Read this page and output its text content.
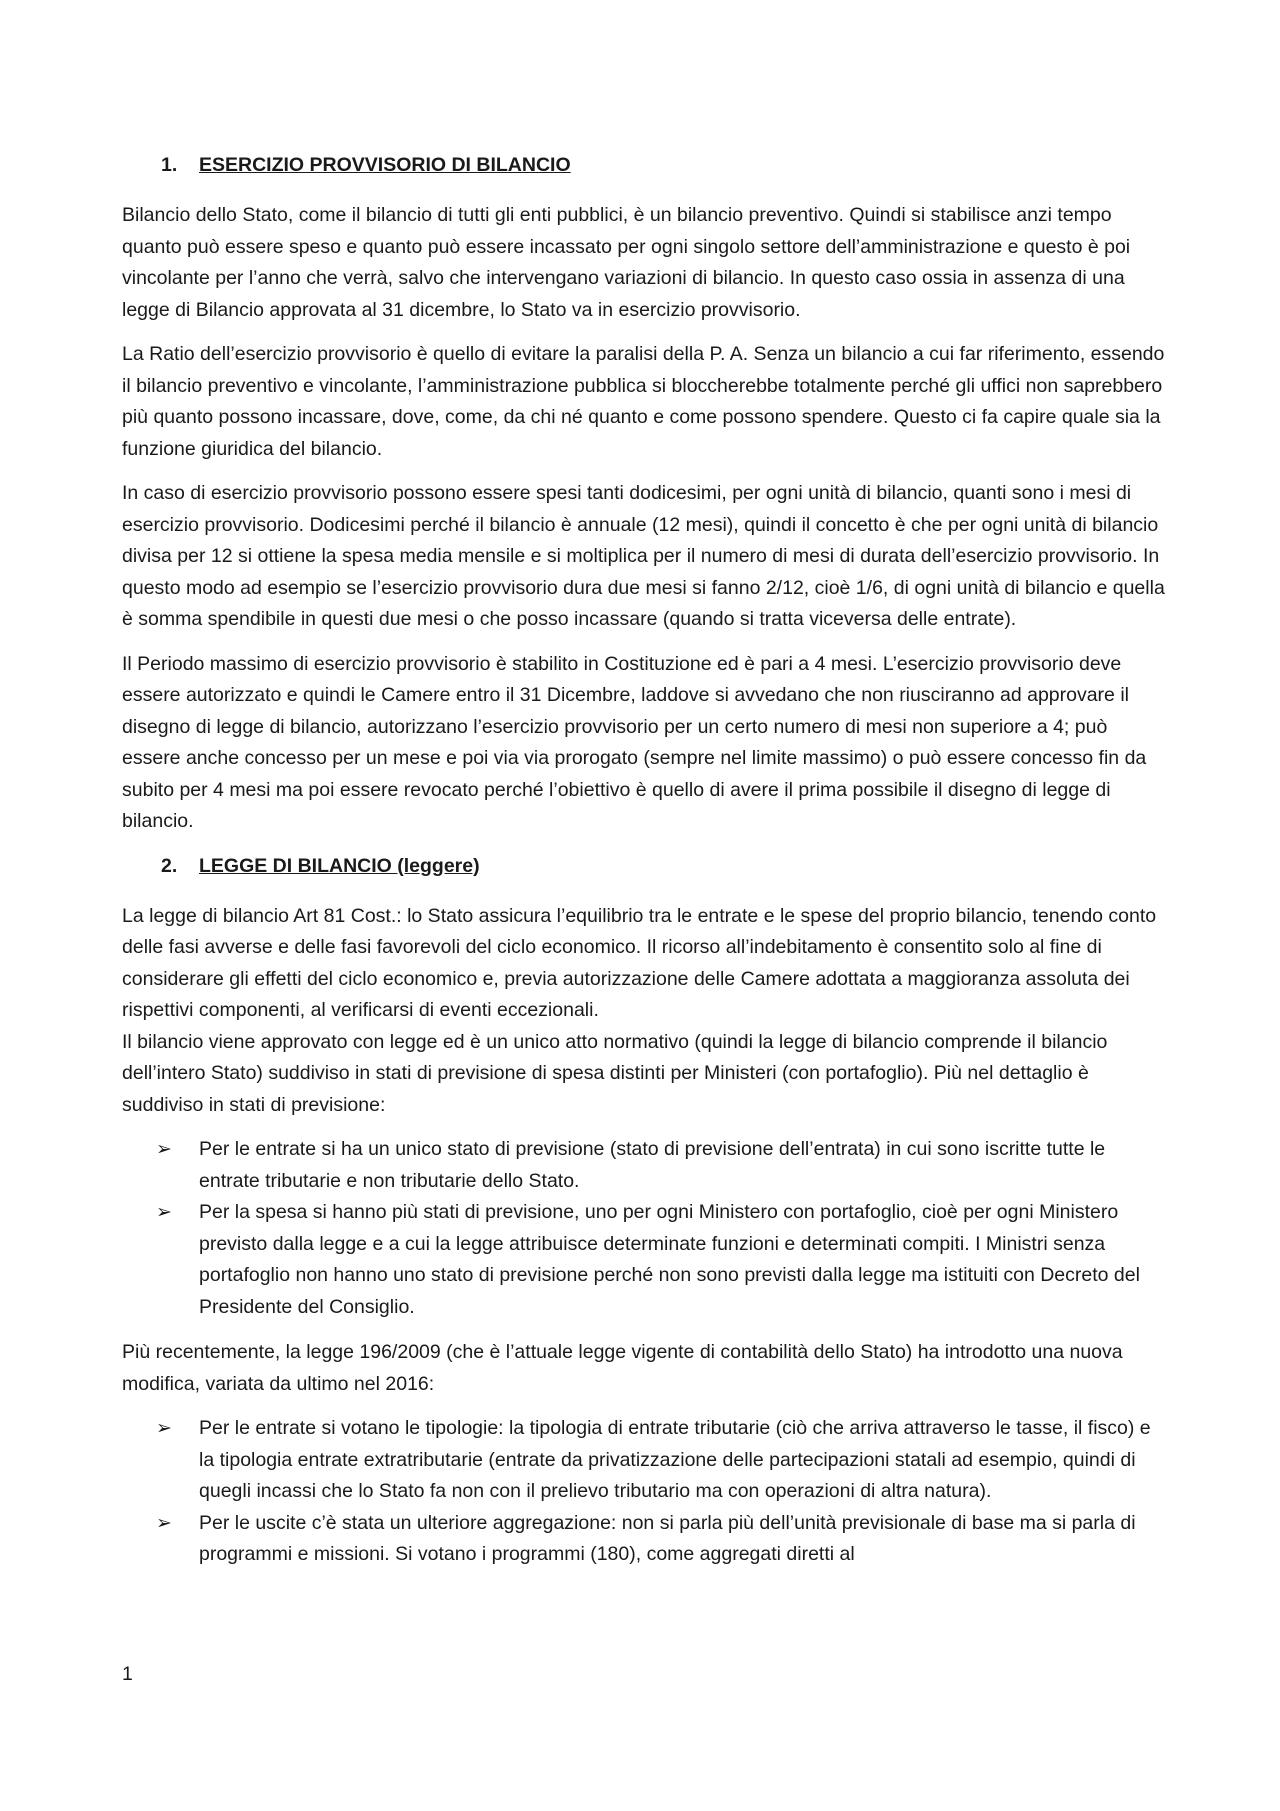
1. ESERCIZIO PROVVISORIO DI BILANCIO

Bilancio dello Stato, come il bilancio di tutti gli enti pubblici, è un bilancio preventivo. Quindi si stabilisce anzi tempo quanto può essere speso e quanto può essere incassato per ogni singolo settore dell’amministrazione e questo è poi vincolante per l’anno che verrà, salvo che intervengano variazioni di bilancio. In questo caso ossia in assenza di una legge di Bilancio approvata al 31 dicembre, lo Stato va in esercizio provvisorio.

La Ratio dell’esercizio provvisorio è quello di evitare la paralisi della P. A. Senza un bilancio a cui far riferimento, essendo il bilancio preventivo e vincolante, l’amministrazione pubblica si bloccherebbe totalmente perché gli uffici non saprebbero più quanto possono incassare, dove, come, da chi né quanto e come possono spendere. Questo ci fa capire quale sia la funzione giuridica del bilancio.

In caso di esercizio provvisorio possono essere spesi tanti dodicesimi, per ogni unità di bilancio, quanti sono i mesi di esercizio provvisorio. Dodicesimi perché il bilancio è annuale (12 mesi), quindi il concetto è che per ogni unità di bilancio divisa per 12 si ottiene la spesa media mensile e si moltiplica per il numero di mesi di durata dell’esercizio provvisorio. In questo modo ad esempio se l’esercizio provvisorio dura due mesi si fanno 2/12, cioè 1/6, di ogni unità di bilancio e quella è somma spendibile in questi due mesi o che posso incassare (quando si tratta viceversa delle entrate).

Il Periodo massimo di esercizio provvisorio è stabilito in Costituzione ed è pari a 4 mesi. L’esercizio provvisorio deve essere autorizzato e quindi le Camere entro il 31 Dicembre, laddove si avvedano che non riusciranno ad approvare il disegno di legge di bilancio, autorizzano l’esercizio provvisorio per un certo numero di mesi non superiore a 4; può essere anche concesso per un mese e poi via via prorogato (sempre nel limite massimo) o può essere concesso fin da subito per 4 mesi ma poi essere revocato perché l’obiettivo è quello di avere il prima possibile il disegno di legge di bilancio.

2. LEGGE DI BILANCIO (leggere)

La legge di bilancio Art 81 Cost.: lo Stato assicura l’equilibrio tra le entrate e le spese del proprio bilancio, tenendo conto delle fasi avverse e delle fasi favorevoli del ciclo economico. Il ricorso all’indebitamento è consentito solo al fine di considerare gli effetti del ciclo economico e, previa autorizzazione delle Camere adottata a maggioranza assoluta dei rispettivi componenti, al verificarsi di eventi eccezionali.

Il bilancio viene approvato con legge ed è un unico atto normativo (quindi la legge di bilancio comprende il bilancio dell’intero Stato) suddiviso in stati di previsione di spesa distinti per Ministeri (con portafoglio). Più nel dettaglio è suddiviso in stati di previsione:

➢ Per le entrate si ha un unico stato di previsione (stato di previsione dell’entrata) in cui sono iscritte tutte le entrate tributarie e non tributarie dello Stato.
➢ Per la spesa si hanno più stati di previsione, uno per ogni Ministero con portafoglio, cioè per ogni Ministero previsto dalla legge e a cui la legge attribuisce determinate funzioni e determinati compiti. I Ministri senza portafoglio non hanno uno stato di previsione perché non sono previsti dalla legge ma istituiti con Decreto del Presidente del Consiglio.

Più recentemente, la legge 196/2009 (che è l’attuale legge vigente di contabilità dello Stato) ha introdotto una nuova modifica, variata da ultimo nel 2016:

➢ Per le entrate si votano le tipologie: la tipologia di entrate tributarie (ciò che arriva attraverso le tasse, il fisco) e la tipologia entrate extratributarie (entrate da privatizzazione delle partecipazioni statali ad esempio, quindi di quegli incassi che lo Stato fa non con il prelievo tributario ma con operazioni di altra natura).
➢ Per le uscite c’è stata un ulteriore aggregazione: non si parla più dell’unità previsionale di base ma si parla di programmi e missioni. Si votano i programmi (180), come aggregati diretti al
1
